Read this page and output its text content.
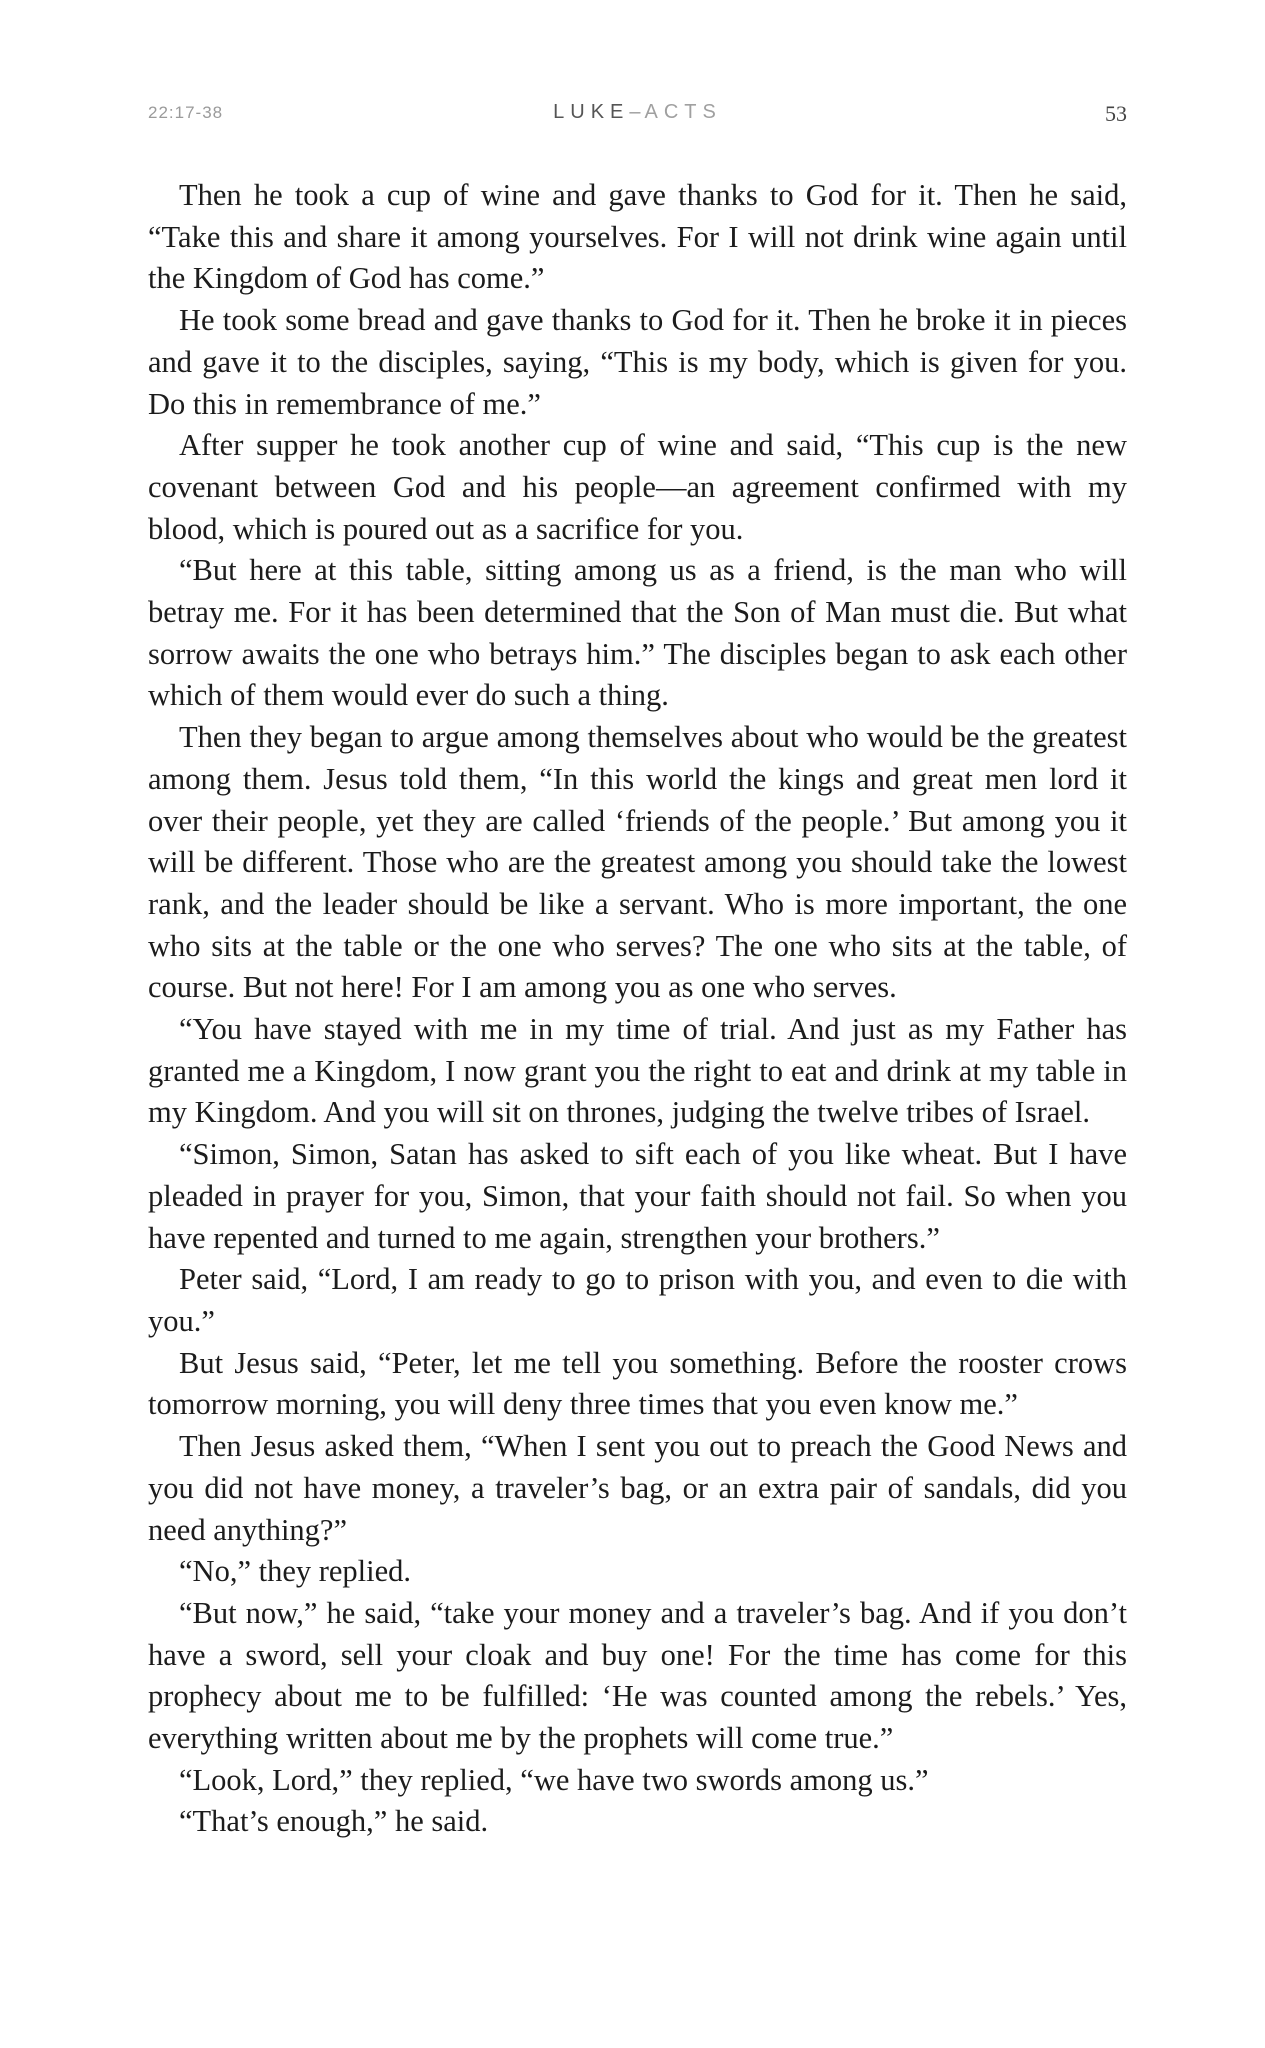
22:17-38	LUKE–ACTS	53

Then he took a cup of wine and gave thanks to God for it. Then he said, “Take this and share it among yourselves. For I will not drink wine again until the Kingdom of God has come.”

He took some bread and gave thanks to God for it. Then he broke it in pieces and gave it to the disciples, saying, “This is my body, which is given for you. Do this in remembrance of me.”

After supper he took another cup of wine and said, “This cup is the new covenant between God and his people—an agreement confirmed with my blood, which is poured out as a sacrifice for you.

“But here at this table, sitting among us as a friend, is the man who will betray me. For it has been determined that the Son of Man must die. But what sorrow awaits the one who betrays him.” The disciples began to ask each other which of them would ever do such a thing.

Then they began to argue among themselves about who would be the greatest among them. Jesus told them, “In this world the kings and great men lord it over their people, yet they are called ‘friends of the people.’ But among you it will be different. Those who are the greatest among you should take the lowest rank, and the leader should be like a servant. Who is more important, the one who sits at the table or the one who serves? The one who sits at the table, of course. But not here! For I am among you as one who serves.

“You have stayed with me in my time of trial. And just as my Father has granted me a Kingdom, I now grant you the right to eat and drink at my table in my Kingdom. And you will sit on thrones, judging the twelve tribes of Israel.

“Simon, Simon, Satan has asked to sift each of you like wheat. But I have pleaded in prayer for you, Simon, that your faith should not fail. So when you have repented and turned to me again, strengthen your brothers.”

Peter said, “Lord, I am ready to go to prison with you, and even to die with you.”

But Jesus said, “Peter, let me tell you something. Before the rooster crows tomorrow morning, you will deny three times that you even know me.”

Then Jesus asked them, “When I sent you out to preach the Good News and you did not have money, a traveler’s bag, or an extra pair of sandals, did you need anything?”

“No,” they replied.

“But now,” he said, “take your money and a traveler’s bag. And if you don’t have a sword, sell your cloak and buy one! For the time has come for this prophecy about me to be fulfilled: ‘He was counted among the rebels.’ Yes, everything written about me by the prophets will come true.”

“Look, Lord,” they replied, “we have two swords among us.”

“That’s enough,” he said.
